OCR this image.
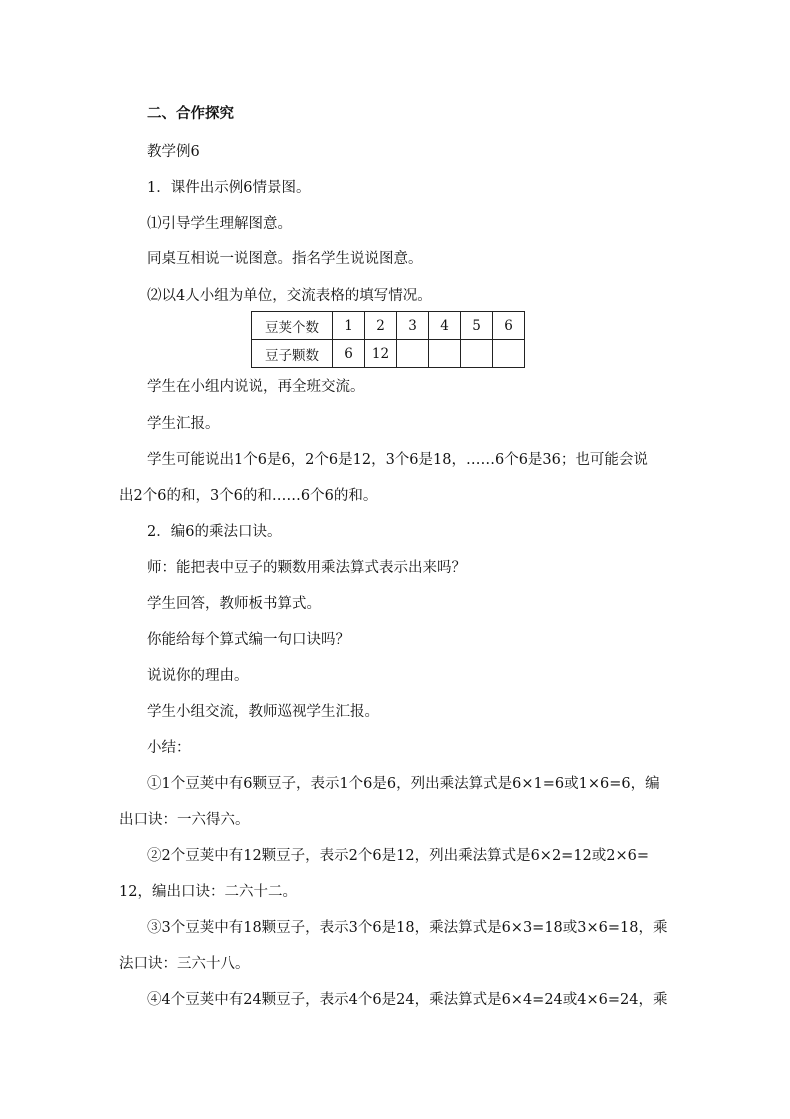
二、合作探究
教学例6
1．课件出示例6情景图。
⑴引导学生理解图意。
同桌互相说一说图意。指名学生说说图意。
⑵以4人小组为单位，交流表格的填写情况。
豆荚个数	1	2	3	4	5	6
豆子颗数	6	12				
学生在小组内说说，再全班交流。
学生汇报。
学生可能说出1个6是6，2个6是12，3个6是18，……6个6是36；也可能会说
出2个6的和，3个6的和……6个6的和。
2．编6的乘法口诀。
师：能把表中豆子的颗数用乘法算式表示出来吗？
学生回答，教师板书算式。
你能给每个算式编一句口诀吗？
说说你的理由。
学生小组交流，教师巡视学生汇报。
小结：
①1个豆荚中有6颗豆子，表示1个6是6，列出乘法算式是6×1=6或1×6=6，编
出口诀：一六得六。
②2个豆荚中有12颗豆子，表示2个6是12，列出乘法算式是6×2=12或2×6=
12，编出口诀：二六十二。
③3个豆荚中有18颗豆子，表示3个6是18，乘法算式是6×3=18或3×6=18，乘
法口诀：三六十八。
④4个豆荚中有24颗豆子，表示4个6是24，乘法算式是6×4=24或4×6=24，乘
